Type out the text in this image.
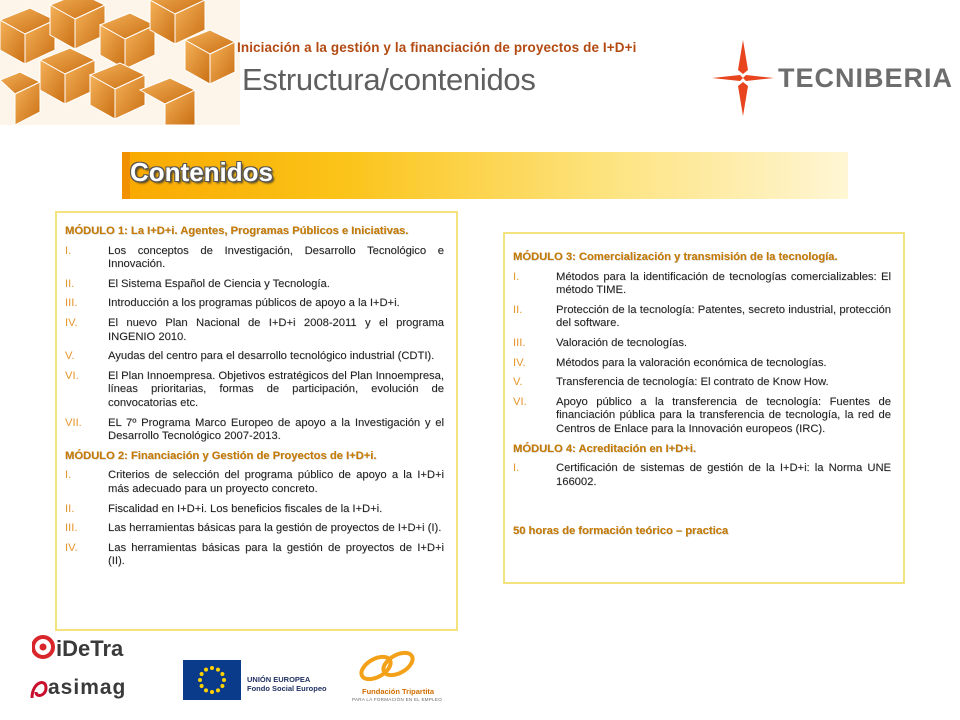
Iniciación a la gestión y la financiación de proyectos de I+D+i
Estructura/contenidos	TECNIBERIA
Contenidos
MÓDULO 1: La I+D+i. Agentes, Programas Públicos e Iniciativas.
I.	Los conceptos de Investigación, Desarrollo Tecnológico e Innovación.
II.	El Sistema Español de Ciencia y Tecnología.
III.	Introducción a los programas públicos de apoyo a la I+D+i.
IV.	El nuevo Plan Nacional de I+D+i 2008-2011 y el programa INGENIO 2010.
V.	Ayudas del centro para el desarrollo tecnológico industrial (CDTI).
VI.	El Plan Innoempresa. Objetivos estratégicos del Plan Innoempresa, líneas prioritarias, formas de participación, evolución de convocatorias etc.
VII.	EL 7º Programa Marco Europeo de apoyo a la Investigación y el Desarrollo Tecnológico 2007-2013.
MÓDULO 2: Financiación y Gestión de Proyectos de I+D+i.
I.	Criterios de selección del programa público de apoyo a la I+D+i más adecuado para un proyecto concreto.
II.	Fiscalidad en I+D+i. Los beneficios fiscales de la I+D+i.
III.	Las herramientas básicas para la gestión de proyectos de I+D+i (I).
IV.	Las herramientas básicas para la gestión de proyectos de I+D+i (II).
MÓDULO 3: Comercialización y transmisión de la tecnología.
I.	Métodos para la identificación de tecnologías comercializables: El método TIME.
II.	Protección de la tecnología: Patentes, secreto industrial, protección del software.
III.	Valoración de tecnologías.
IV.	Métodos para la valoración económica de tecnologías.
V.	Transferencia de tecnología: El contrato de Know How.
VI.	Apoyo público a la transferencia de tecnología: Fuentes de financiación pública para la transferencia de tecnología, la red de Centros de Enlace para la Innovación europeos (IRC).
MÓDULO 4: Acreditación en I+D+i.
I.	Certificación de sistemas de gestión de la I+D+i: la Norma UNE 166002.
50 horas de formación teórico – practica
iDeTra
asimag	UNIÓN EUROPEA
Fondo Social Europeo	Fundación Tripartita
PARA LA FORMACIÓN EN EL EMPLEO
